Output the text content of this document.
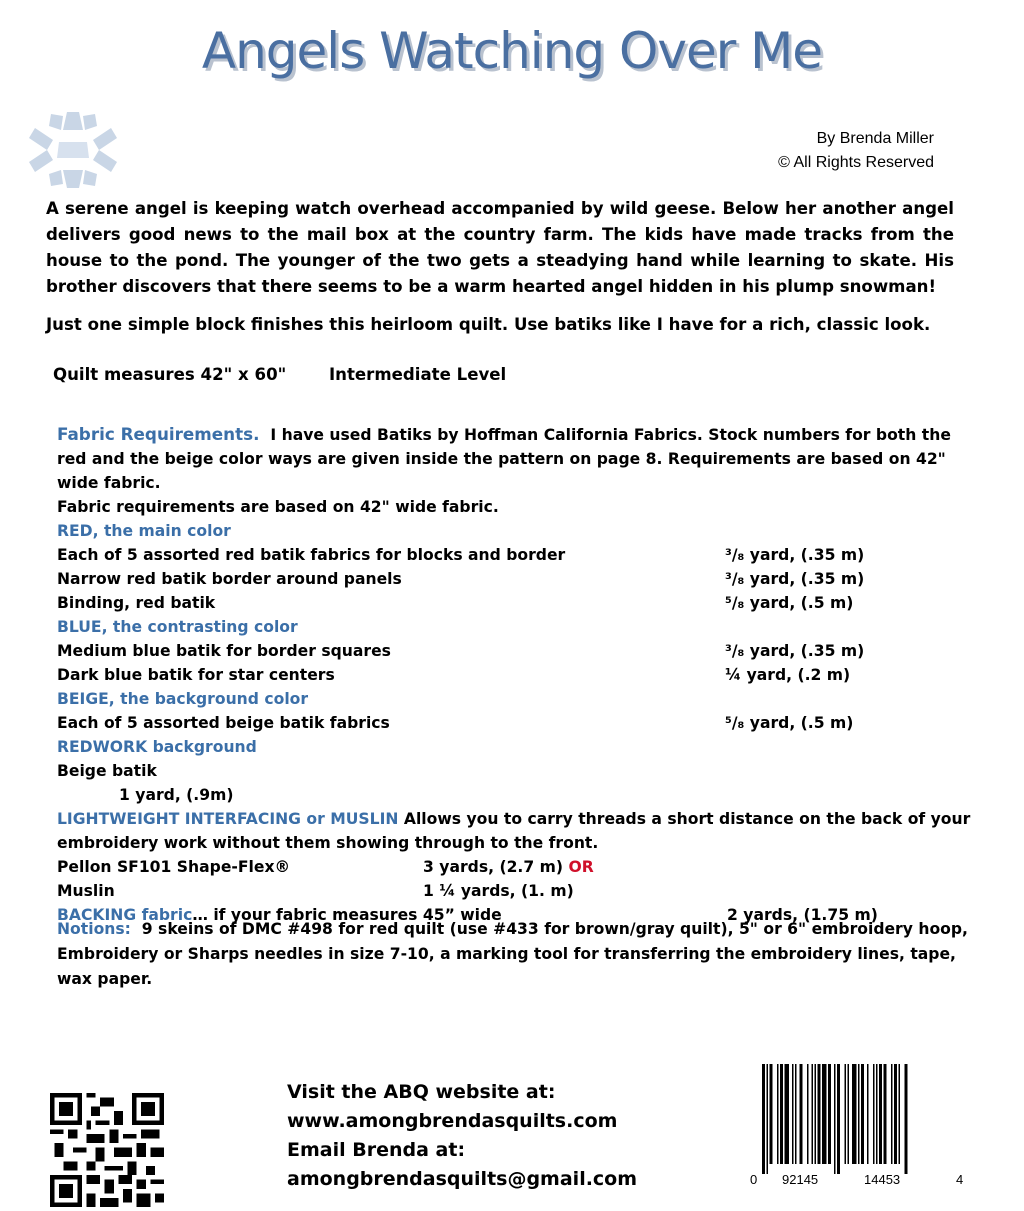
Angels Watching Over Me
By Brenda Miller
© All Rights Reserved
A serene angel is keeping watch overhead accompanied by wild geese. Below her another angel delivers good news to the mail box at the country farm. The kids have made tracks from the house to the pond. The younger of the two gets a steadying hand while learning to skate. His brother discovers that there seems to be a warm hearted angel hidden in his plump snowman!
Just one simple block finishes this heirloom quilt. Use batiks like I have for a rich, classic look.
Quilt measures 42" x 60"	Intermediate Level
Fabric Requirements. I have used Batiks by Hoffman California Fabrics. Stock numbers for both the red and the beige color ways are given inside the pattern on page 8. Requirements are based on 42" wide fabric.
Fabric requirements are based on 42" wide fabric.
RED, the main color
Each of 5 assorted red batik fabrics for blocks and border	³/₈ yard, (.35 m)
Narrow red batik border around panels	³/₈ yard, (.35 m)
Binding, red batik	⁵/₈ yard, (.5 m)
BLUE, the contrasting color
Medium blue batik for border squares	³/₈ yard, (.35 m)
Dark blue batik for star centers	¼ yard, (.2 m)
BEIGE, the background color
Each of 5 assorted beige batik fabrics	⁵/₈ yard, (.5 m)
REDWORK background
Beige batik
1 yard, (.9m)
LIGHTWEIGHT INTERFACING or MUSLIN Allows you to carry threads a short distance on the back of your
embroidery work without them showing through to the front.
Pellon SF101 Shape-Flex®	3 yards, (2.7 m) OR
Muslin	1 ¼ yards, (1. m)
BACKING fabric… if your fabric measures 45” wide	2 yards, (1.75 m)
Notions: 9 skeins of DMC #498 for red quilt (use #433 for brown/gray quilt), 5" or 6" embroidery hoop, Embroidery or Sharps needles in size 7-10, a marking tool for transferring the embroidery lines, tape, wax paper.
Visit the ABQ website at:
www.amongbrendasquilts.com
Email Brenda at:
amongbrendasquilts@gmail.com	0 92145	14453	4
